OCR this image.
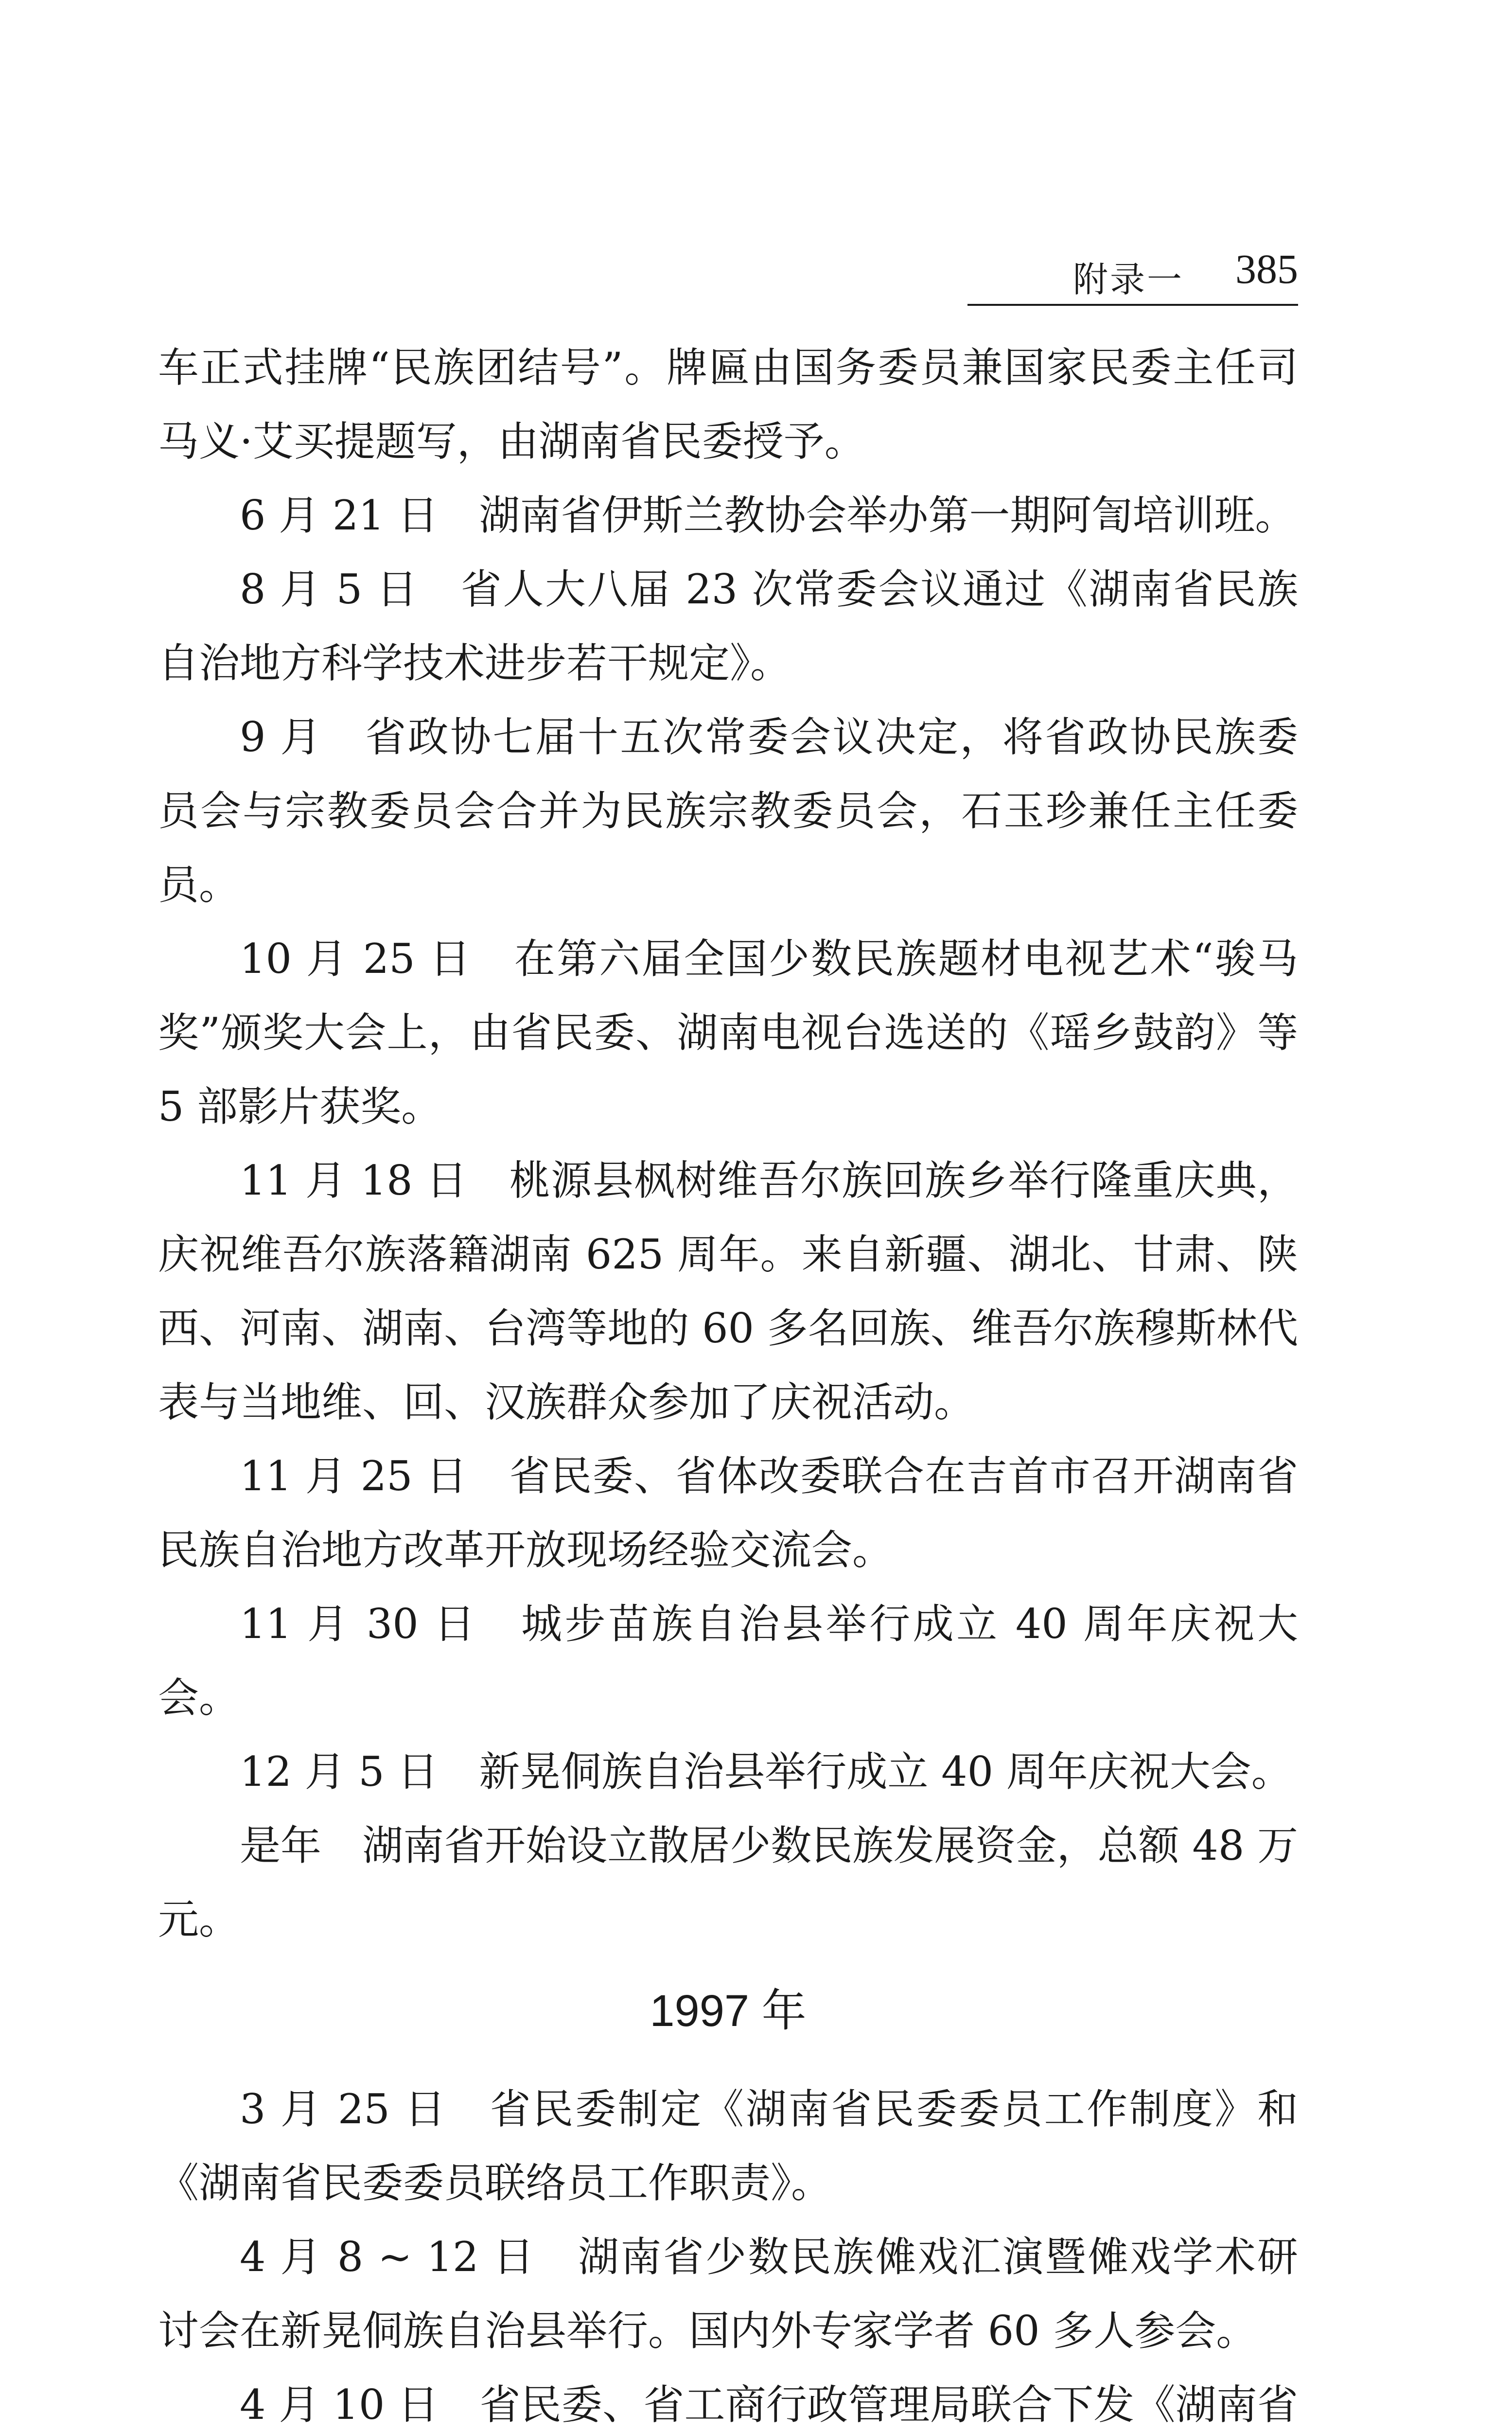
附录一 385

车正式挂牌“民族团结号”。牌匾由国务委员兼国家民委主任司马义·艾买提题写，由湖南省民委授予。

6 月 21 日　湖南省伊斯兰教协会举办第一期阿訇培训班。

8 月 5 日　省人大八届 23 次常委会议通过《湖南省民族自治地方科学技术进步若干规定》。

9 月　省政协七届十五次常委会议决定，将省政协民族委员会与宗教委员会合并为民族宗教委员会，石玉珍兼任主任委员。

10 月 25 日　在第六届全国少数民族题材电视艺术“骏马奖”颁奖大会上，由省民委、湖南电视台选送的《瑶乡鼓韵》等 5 部影片获奖。

11 月 18 日　桃源县枫树维吾尔族回族乡举行隆重庆典，庆祝维吾尔族落籍湖南 625 周年。来自新疆、湖北、甘肃、陕西、河南、湖南、台湾等地的 60 多名回族、维吾尔族穆斯林代表与当地维、回、汉族群众参加了庆祝活动。

11 月 25 日　省民委、省体改委联合在吉首市召开湖南省民族自治地方改革开放现场经验交流会。

11 月 30 日　城步苗族自治县举行成立 40 周年庆祝大会。

12 月 5 日　新晃侗族自治县举行成立 40 周年庆祝大会。

是年　湖南省开始设立散居少数民族发展资金，总额 48 万元。

1997 年

3 月 25 日　省民委制定《湖南省民委委员工作制度》和《湖南省民委委员联络员工作职责》。

4 月 8 ~ 12 日　湖南省少数民族傩戏汇演暨傩戏学术研讨会在新晃侗族自治县举行。国内外专家学者 60 多人参会。

4 月 10 日　省民委、省工商行政管理局联合下发《湖南省
